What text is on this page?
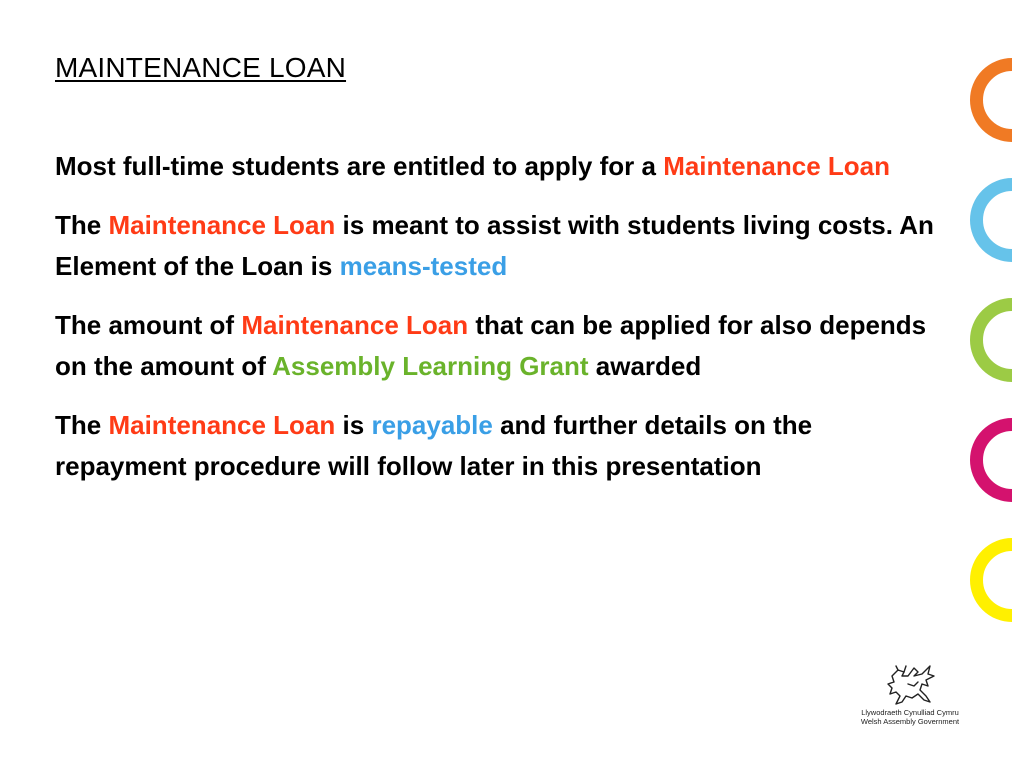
MAINTENANCE LOAN

Most full-time students are entitled to apply for a Maintenance Loan

The Maintenance Loan is meant to assist with students living costs. An Element of the Loan is means-tested

The amount of Maintenance Loan that can be applied for also depends on the amount of Assembly Learning Grant awarded

The Maintenance Loan is repayable and further details on the repayment procedure will follow later in this presentation

Llywodraeth Cynulliad Cymru
Welsh Assembly Government
